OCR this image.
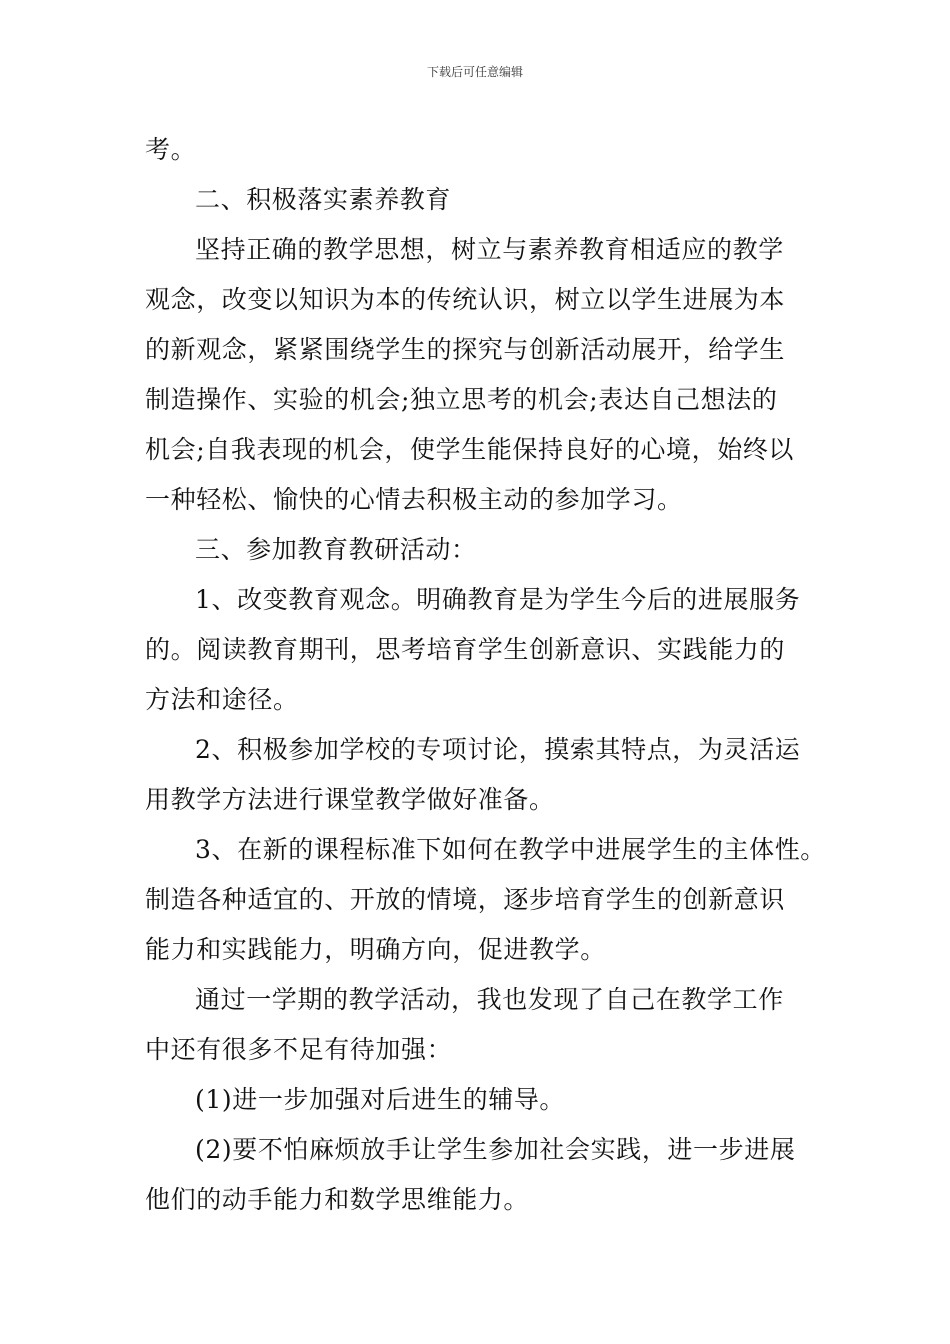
下载后可任意编辑
考。
二、积极落实素养教育
坚持正确的教学思想，树立与素养教育相适应的教学
观念，改变以知识为本的传统认识，树立以学生进展为本
的新观念，紧紧围绕学生的探究与创新活动展开，给学生
制造操作、实验的机会;独立思考的机会;表达自己想法的
机会;自我表现的机会，使学生能保持良好的心境，始终以
一种轻松、愉快的心情去积极主动的参加学习。
三、参加教育教研活动：
1、改变教育观念。明确教育是为学生今后的进展服务
的。阅读教育期刊，思考培育学生创新意识、实践能力的
方法和途径。
2、积极参加学校的专项讨论，摸索其特点，为灵活运
用教学方法进行课堂教学做好准备。
3、在新的课程标准下如何在教学中进展学生的主体性。
制造各种适宜的、开放的情境，逐步培育学生的创新意识
能力和实践能力，明确方向，促进教学。
通过一学期的教学活动，我也发现了自己在教学工作
中还有很多不足有待加强：
(1)进一步加强对后进生的辅导。
(2)要不怕麻烦放手让学生参加社会实践，进一步进展
他们的动手能力和数学思维能力。
